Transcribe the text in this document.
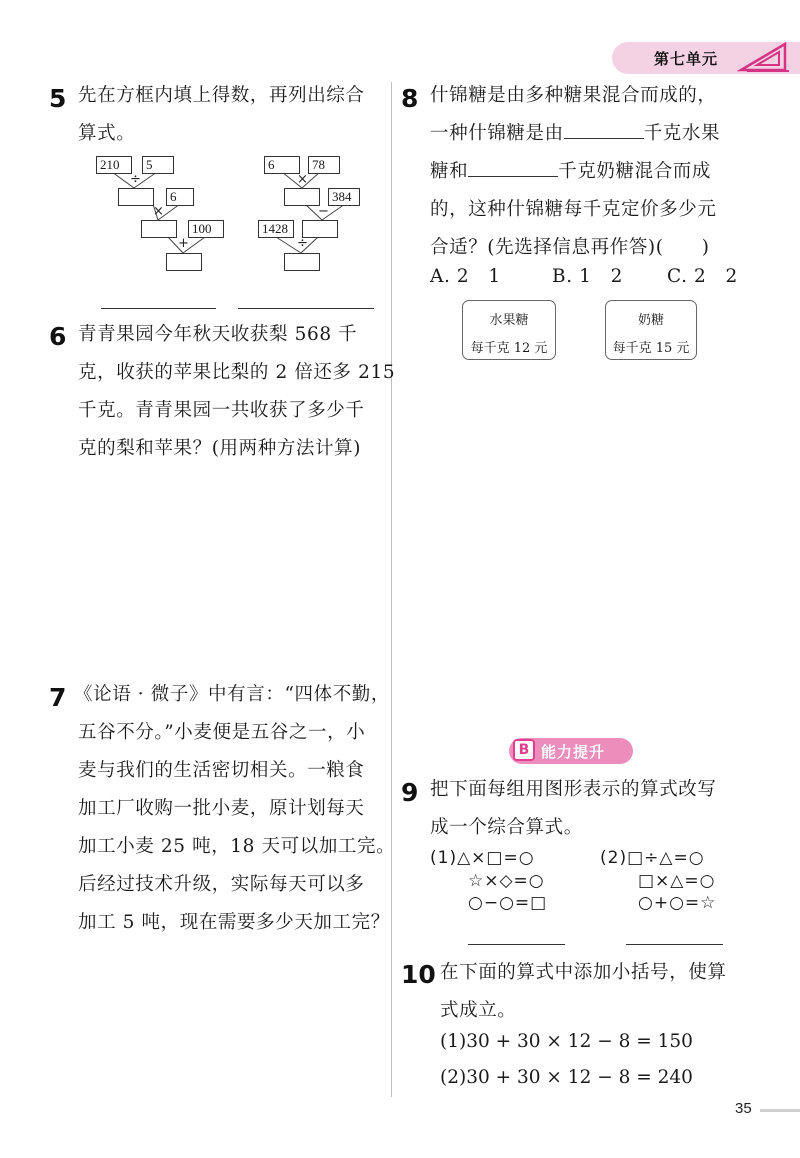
第七单元
5 先在方框内填上得数，再列出综合
算式。
210	5
÷
6
×
100
+
6	78
×
384
−
1428
÷
6 青青果园今年秋天收获梨 568 千
克，收获的苹果比梨的 2 倍还多 215
千克。青青果园一共收获了多少千
克的梨和苹果？(用两种方法计算)
7 《论语 · 微子》中有言：“四体不勤，
五谷不分。”小麦便是五谷之一，小
麦与我们的生活密切相关。一粮食
加工厂收购一批小麦，原计划每天
加工小麦 25 吨，18 天可以加工完。
后经过技术升级，实际每天可以多
加工 5 吨，现在需要多少天加工完？
8 什锦糖是由多种糖果混合而成的，
一种什锦糖是由	千克水果
糖和	千克奶糖混合而成
的，这种什锦糖每千克定价多少元
合适？(先选择信息再作答)(　　)
A. 2　1	B. 1　2 C. 2　2
水果糖
每千克 12 元
奶糖
每千克 15 元
B 能力提升
9 把下面每组用图形表示的算式改写
成一个综合算式。
(1)△×□=○
☆×◇=○
○−○=□
(2)□÷△=○
□×△=○
○+○=☆
10 在下面的算式中添加小括号，使算
式成立。
(1)30 + 30 × 12 − 8 = 150
(2)30 + 30 × 12 − 8 = 240
35
